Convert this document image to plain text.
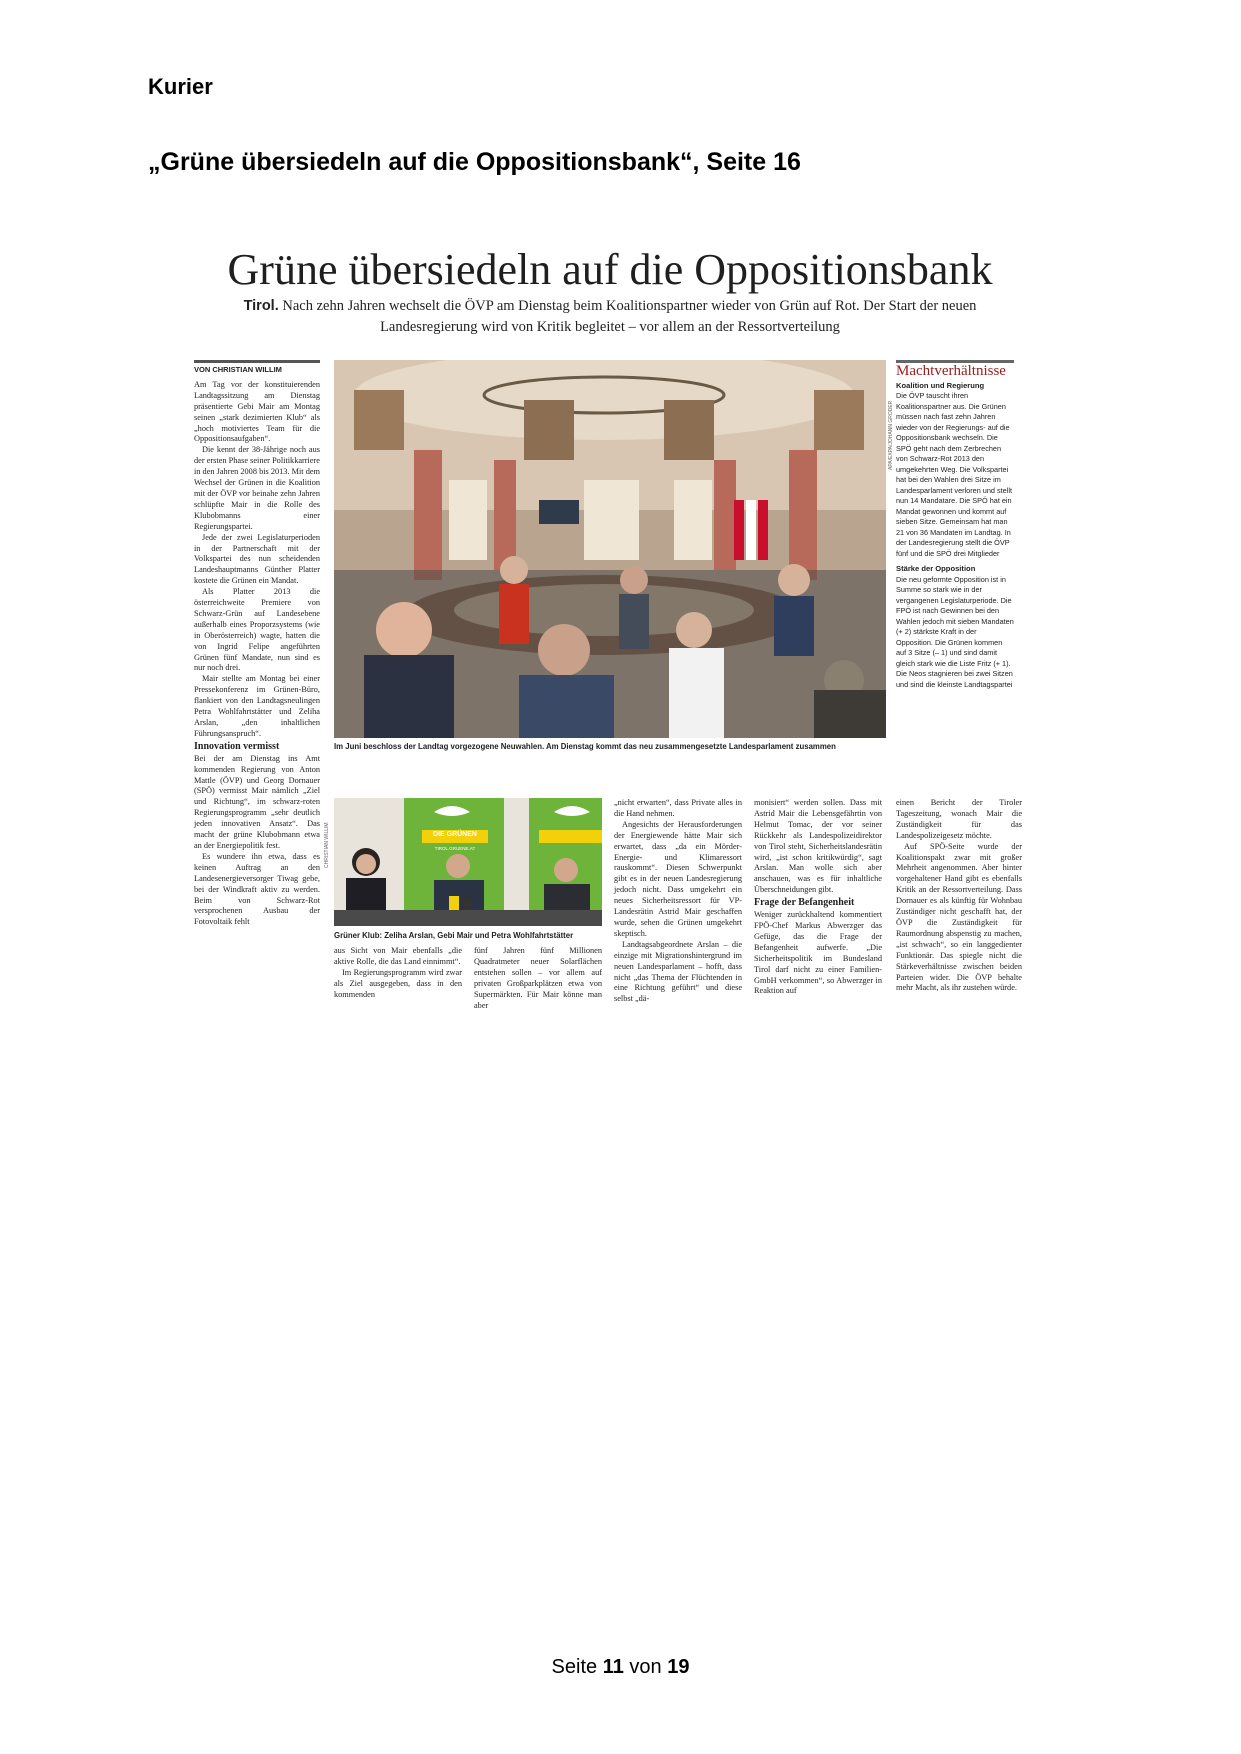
Kurier
„Grüne übersiedeln auf die Oppositionsbank“, Seite 16
Grüne übersiedeln auf die Oppositionsbank
Tirol. Nach zehn Jahren wechselt die ÖVP am Dienstag beim Koalitionspartner wieder von Grün auf Rot. Der Start der neuen Landesregierung wird von Kritik begleitet – vor allem an der Ressortverteilung
VON CHRISTIAN WILLIM

Am Tag vor der konstituierenden Landtagssitzung am Dienstag präsentierte Gebi Mair am Montag seinen „stark dezimierten Klub“ als „hoch motiviertes Team für die Oppositionsaufgaben“.

Die kennt der 38-Jährige noch aus der ersten Phase seiner Politikkarriere in den Jahren 2008 bis 2013. Mit dem Wechsel der Grünen in die Koalition mit der ÖVP vor beinahe zehn Jahren schlüpfte Mair in die Rolle des Klubobmanns einer Regierungspartei.

Jede der zwei Legislaturperioden in der Partnerschaft mit der Volkspartei des nun scheidenden Landeshauptmanns Günther Platter kostete die Grünen ein Mandat.

Als Platter 2013 die österreichweite Premiere von Schwarz-Grün auf Landesebene außerhalb eines Proporzsystems (wie in Oberösterreich) wagte, hatten die von Ingrid Felipe angeführten Grünen fünf Mandate, nun sind es nur noch drei.

Mair stellte am Montag bei einer Pressekonferenz im Grünen-Büro, flankiert von den Landtagsneulingen Petra Wohlfahrtstätter und Zeliha Arslan, „den inhaltlichen Führungsanspruch“.

Innovation vermisst

Bei der am Dienstag ins Amt kommenden Regierung von Anton Mattle (ÖVP) und Georg Dornauer (SPÖ) vermisst Mair nämlich „Ziel und Richtung“, im schwarz-roten Regierungsprogramm „sehr deutlich jeden innovativen Ansatz“. Das macht der grüne Klubobmann etwa an der Energiepolitik fest.

Es wundere ihn etwa, dass es keinen Auftrag an den Landesenergieversorger Tiwag gebe, bei der Windkraft aktiv zu werden. Beim von Schwarz-Rot versprochenen Ausbau der Fotovoltaik fehlt

APA/EXPA/JOHANN GRODER
Im Juni beschloss der Landtag vorgezogene Neuwahlen. Am Dienstag kommt das neu zusammengesetzte Landesparlament zusammen
Machtverhältnisse
Koalition und Regierung

Die ÖVP tauscht ihren Koalitionspartner aus. Die Grünen müssen nach fast zehn Jahren wieder von der Regierungs- auf die Oppositionsbank wechseln. Die SPÖ geht nach dem Zerbrechen von Schwarz-Rot 2013 den umgekehrten Weg. Die Volkspartei hat bei den Wahlen drei Sitze im Landesparlament verloren und stellt nun 14 Mandatare. Die SPÖ hat ein Mandat gewonnen und kommt auf sieben Sitze. Gemeinsam hat man 21 von 36 Mandaten im Landtag. In der Landesregierung stellt die ÖVP fünf und die SPÖ drei Mitglieder

Stärke der Opposition

Die neu geformte Opposition ist in Summe so stark wie in der vergangenen Legislaturperiode. Die FPÖ ist nach Gewinnen bei den Wahlen jedoch mit sieben Mandaten (+ 2) stärkste Kraft in der Opposition. Die Grünen kommen auf 3 Sitze (– 1) und sind damit gleich stark wie die Liste Fritz (+ 1). Die Neos stagnieren bei zwei Sitzen und sind die kleinste Landtagspartei

DIE GRÜNEN
TIROL.GRUENE.AT
CHRISTIAN WILLIM
Grüner Klub: Zeliha Arslan, Gebi Mair und Petra Wohlfahrtstätter

aus Sicht von Mair ebenfalls „die aktive Rolle, die das Land einnimmt“.

Im Regierungsprogramm wird zwar als Ziel ausgegeben, dass in den kommenden

fünf Jahren fünf Millionen Quadratmeter neuer Solarflächen entstehen sollen – vor allem auf privaten Großparkplätzen etwa von Supermärkten. Für Mair könne man aber

„nicht erwarten“, dass Private alles in die Hand nehmen.

Angesichts der Herausforderungen der Energiewende hätte Mair sich erwartet, dass „da ein Mörder-Energie- und Klimaressort rauskommt“. Diesen Schwerpunkt gibt es in der neuen Landesregierung jedoch nicht. Dass umgekehrt ein neues Sicherheitsressort für VP-Landesrätin Astrid Mair geschaffen wurde, sehen die Grünen umgekehrt skeptisch.

Landtagsabgeordnete Arslan – die einzige mit Migrationshintergrund im neuen Landesparlament – hofft, dass nicht „das Thema der Flüchtenden in eine Richtung geführt“ und diese selbst „dä-

monisiert“ werden sollen. Dass mit Astrid Mair die Lebensgefährtin von Helmut Tomac, der vor seiner Rückkehr als Landespolizeidirektor von Tirol steht, Sicherheitslandesrätin wird, „ist schon kritikwürdig“, sagt Arslan. Man wolle sich aber anschauen, was es für inhaltliche Überschneidungen gibt.

Frage der Befangenheit

Weniger zurückhaltend kommentiert FPÖ-Chef Markus Abwerzger das Gefüge, das die Frage der Befangenheit aufwerfe. „Die Sicherheitspolitik im Bundesland Tirol darf nicht zu einer Familien-GmbH verkommen“, so Abwerzger in Reaktion auf

einen Bericht der Tiroler Tageszeitung, wonach Mair die Zuständigkeit für das Landespolizeigesetz möchte.

Auf SPÖ-Seite wurde der Koalitionspakt zwar mit großer Mehrheit angenommen. Aber hinter vorgehaltener Hand gibt es ebenfalls Kritik an der Ressortverteilung. Dass Dornauer es als künftig für Wohnbau Zuständiger nicht geschafft hat, der ÖVP die Zuständigkeit für Raumordnung abspenstig zu machen, „ist schwach“, so ein langgedienter Funktionär. Das spiegle nicht die Stärkeverhältnisse zwischen beiden Parteien wider. Die ÖVP behalte mehr Macht, als ihr zustehen würde.

Seite 11 von 19
